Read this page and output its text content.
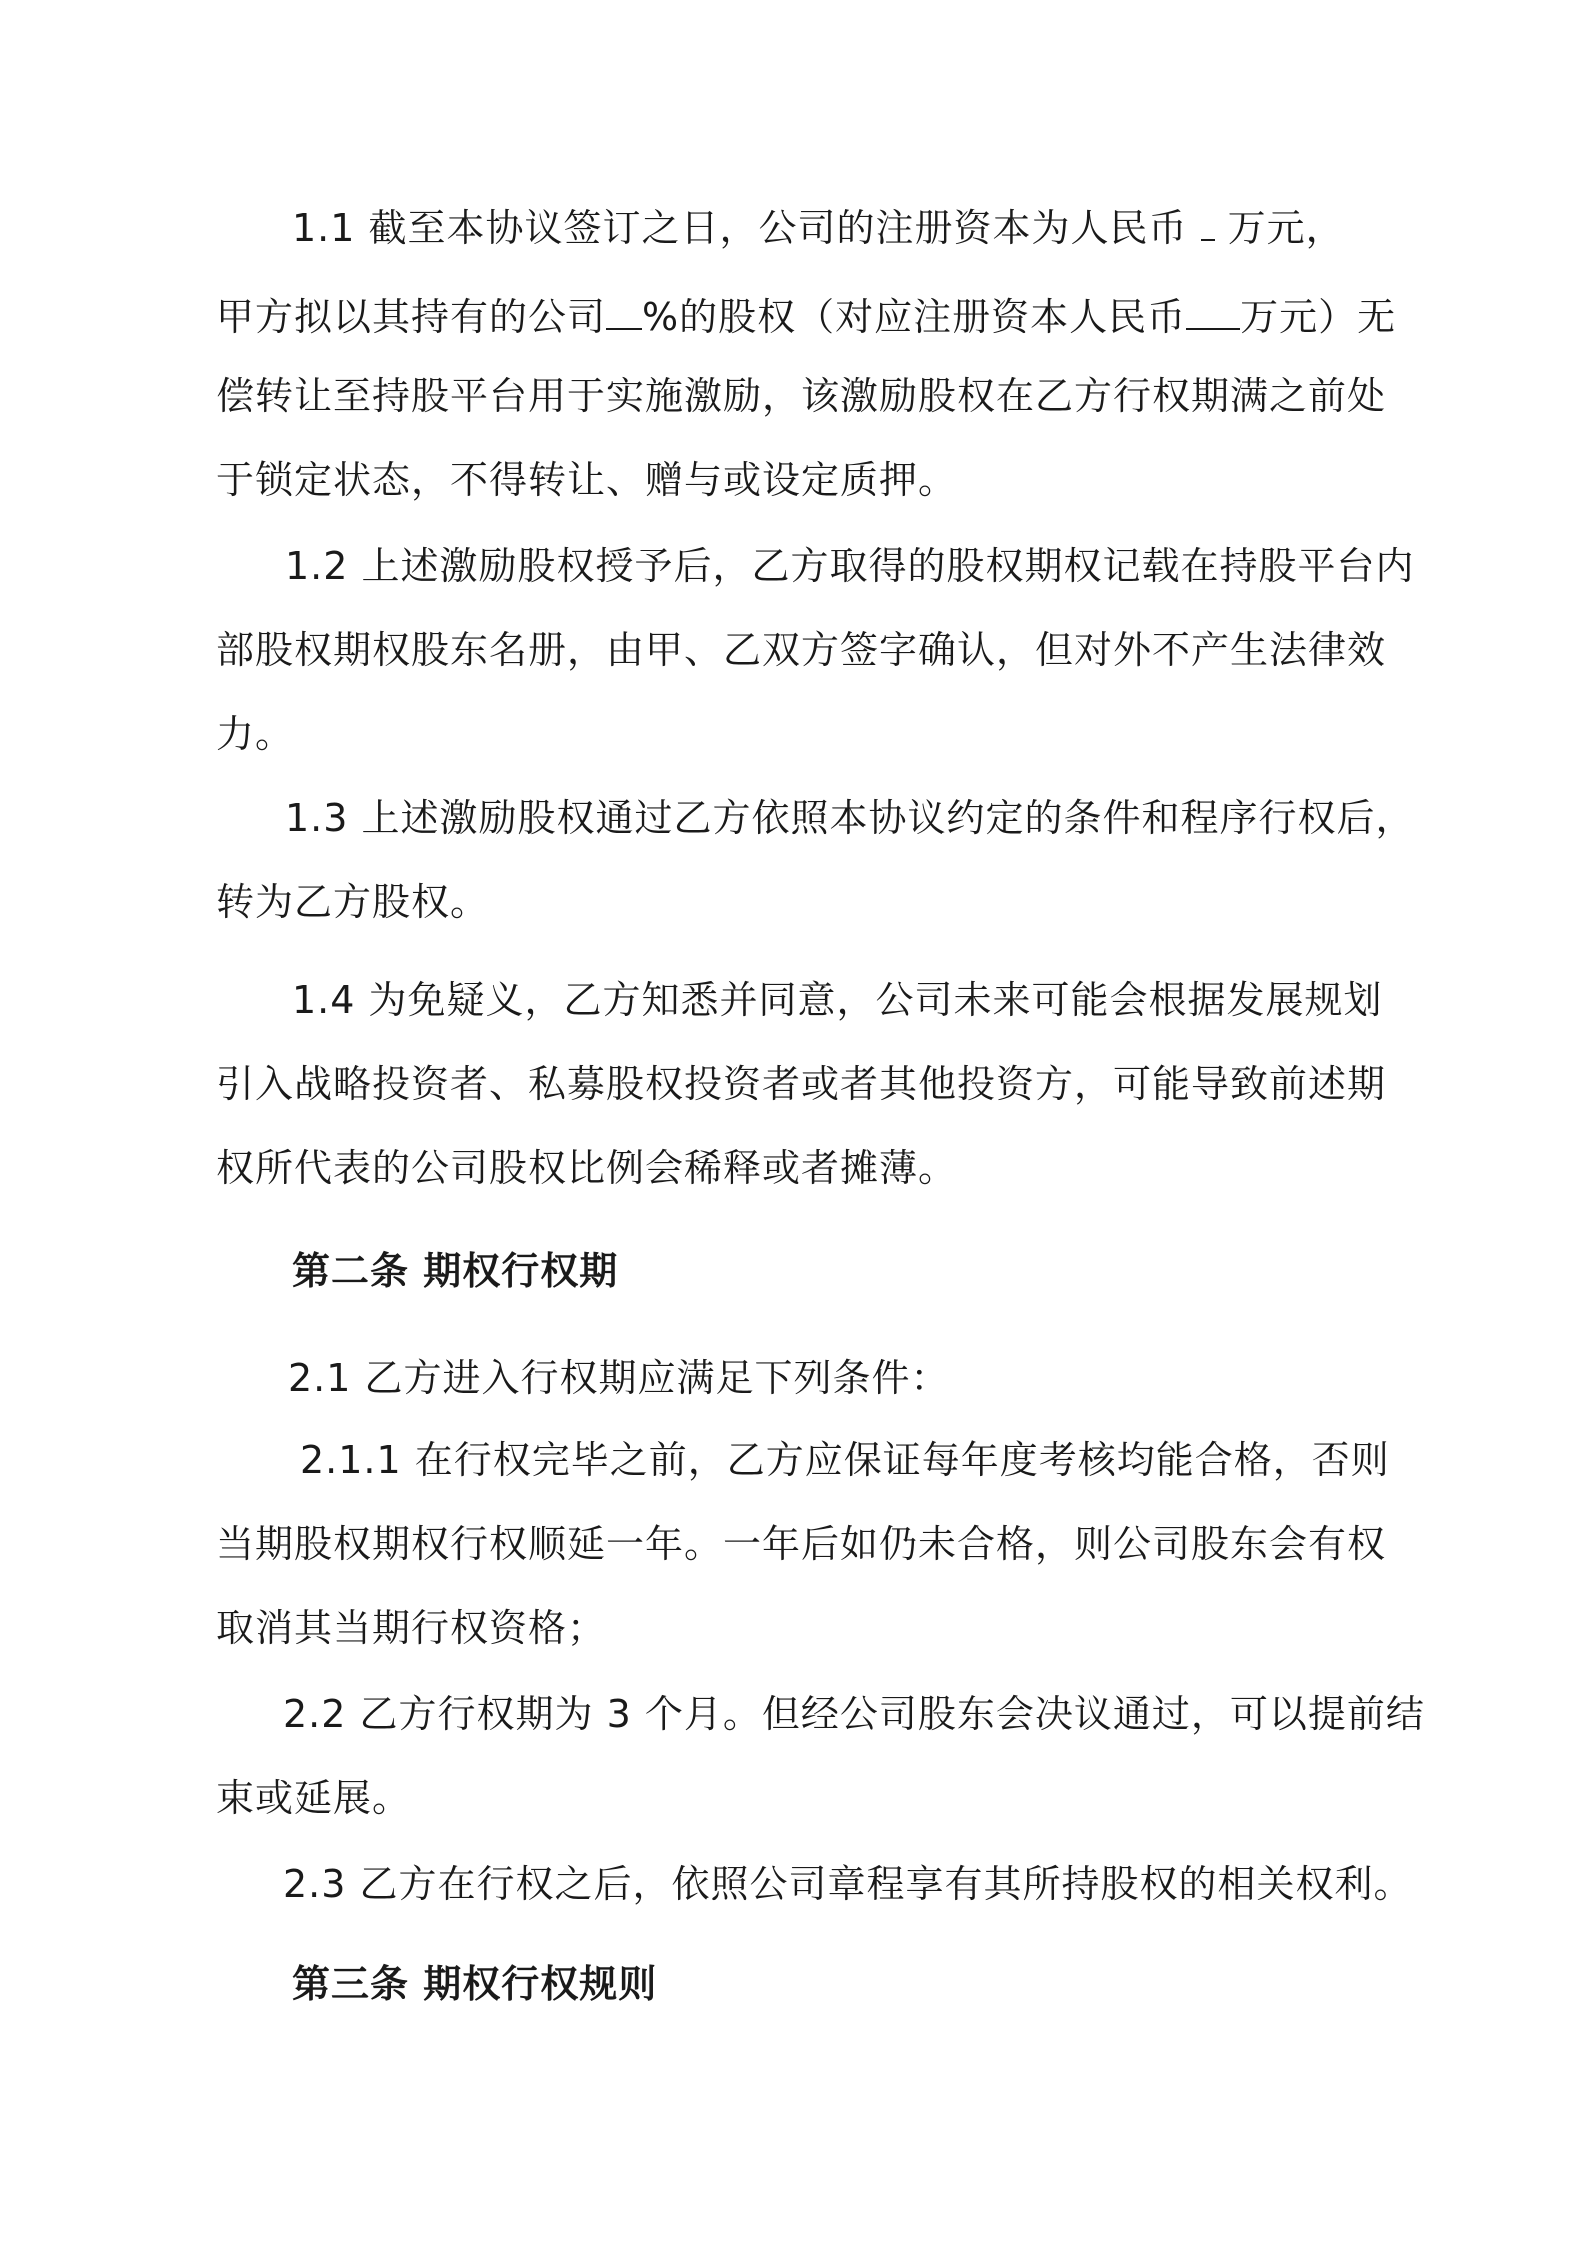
1.1 截至本协议签订之日，公司的注册资本为人民币  万元，
甲方拟以其持有的公司 %的股权（对应注册资本人民币 万元）无
偿转让至持股平台用于实施激励，该激励股权在乙方行权期满之前处
于锁定状态，不得转让、赠与或设定质押。
1.2 上述激励股权授予后，乙方取得的股权期权记载在持股平台内
部股权期权股东名册，由甲、乙双方签字确认，但对外不产生法律效
力。
1.3 上述激励股权通过乙方依照本协议约定的条件和程序行权后，
转为乙方股权。
1.4 为免疑义，乙方知悉并同意，公司未来可能会根据发展规划
引入战略投资者、私募股权投资者或者其他投资方，可能导致前述期
权所代表的公司股权比例会稀释或者摊薄。
第二条 期权行权期
2.1 乙方进入行权期应满足下列条件：
2.1.1 在行权完毕之前，乙方应保证每年度考核均能合格，否则
当期股权期权行权顺延一年。一年后如仍未合格，则公司股东会有权
取消其当期行权资格；
2.2 乙方行权期为 3 个月。但经公司股东会决议通过，可以提前结
束或延展。
2.3 乙方在行权之后，依照公司章程享有其所持股权的相关权利。
第三条 期权行权规则
